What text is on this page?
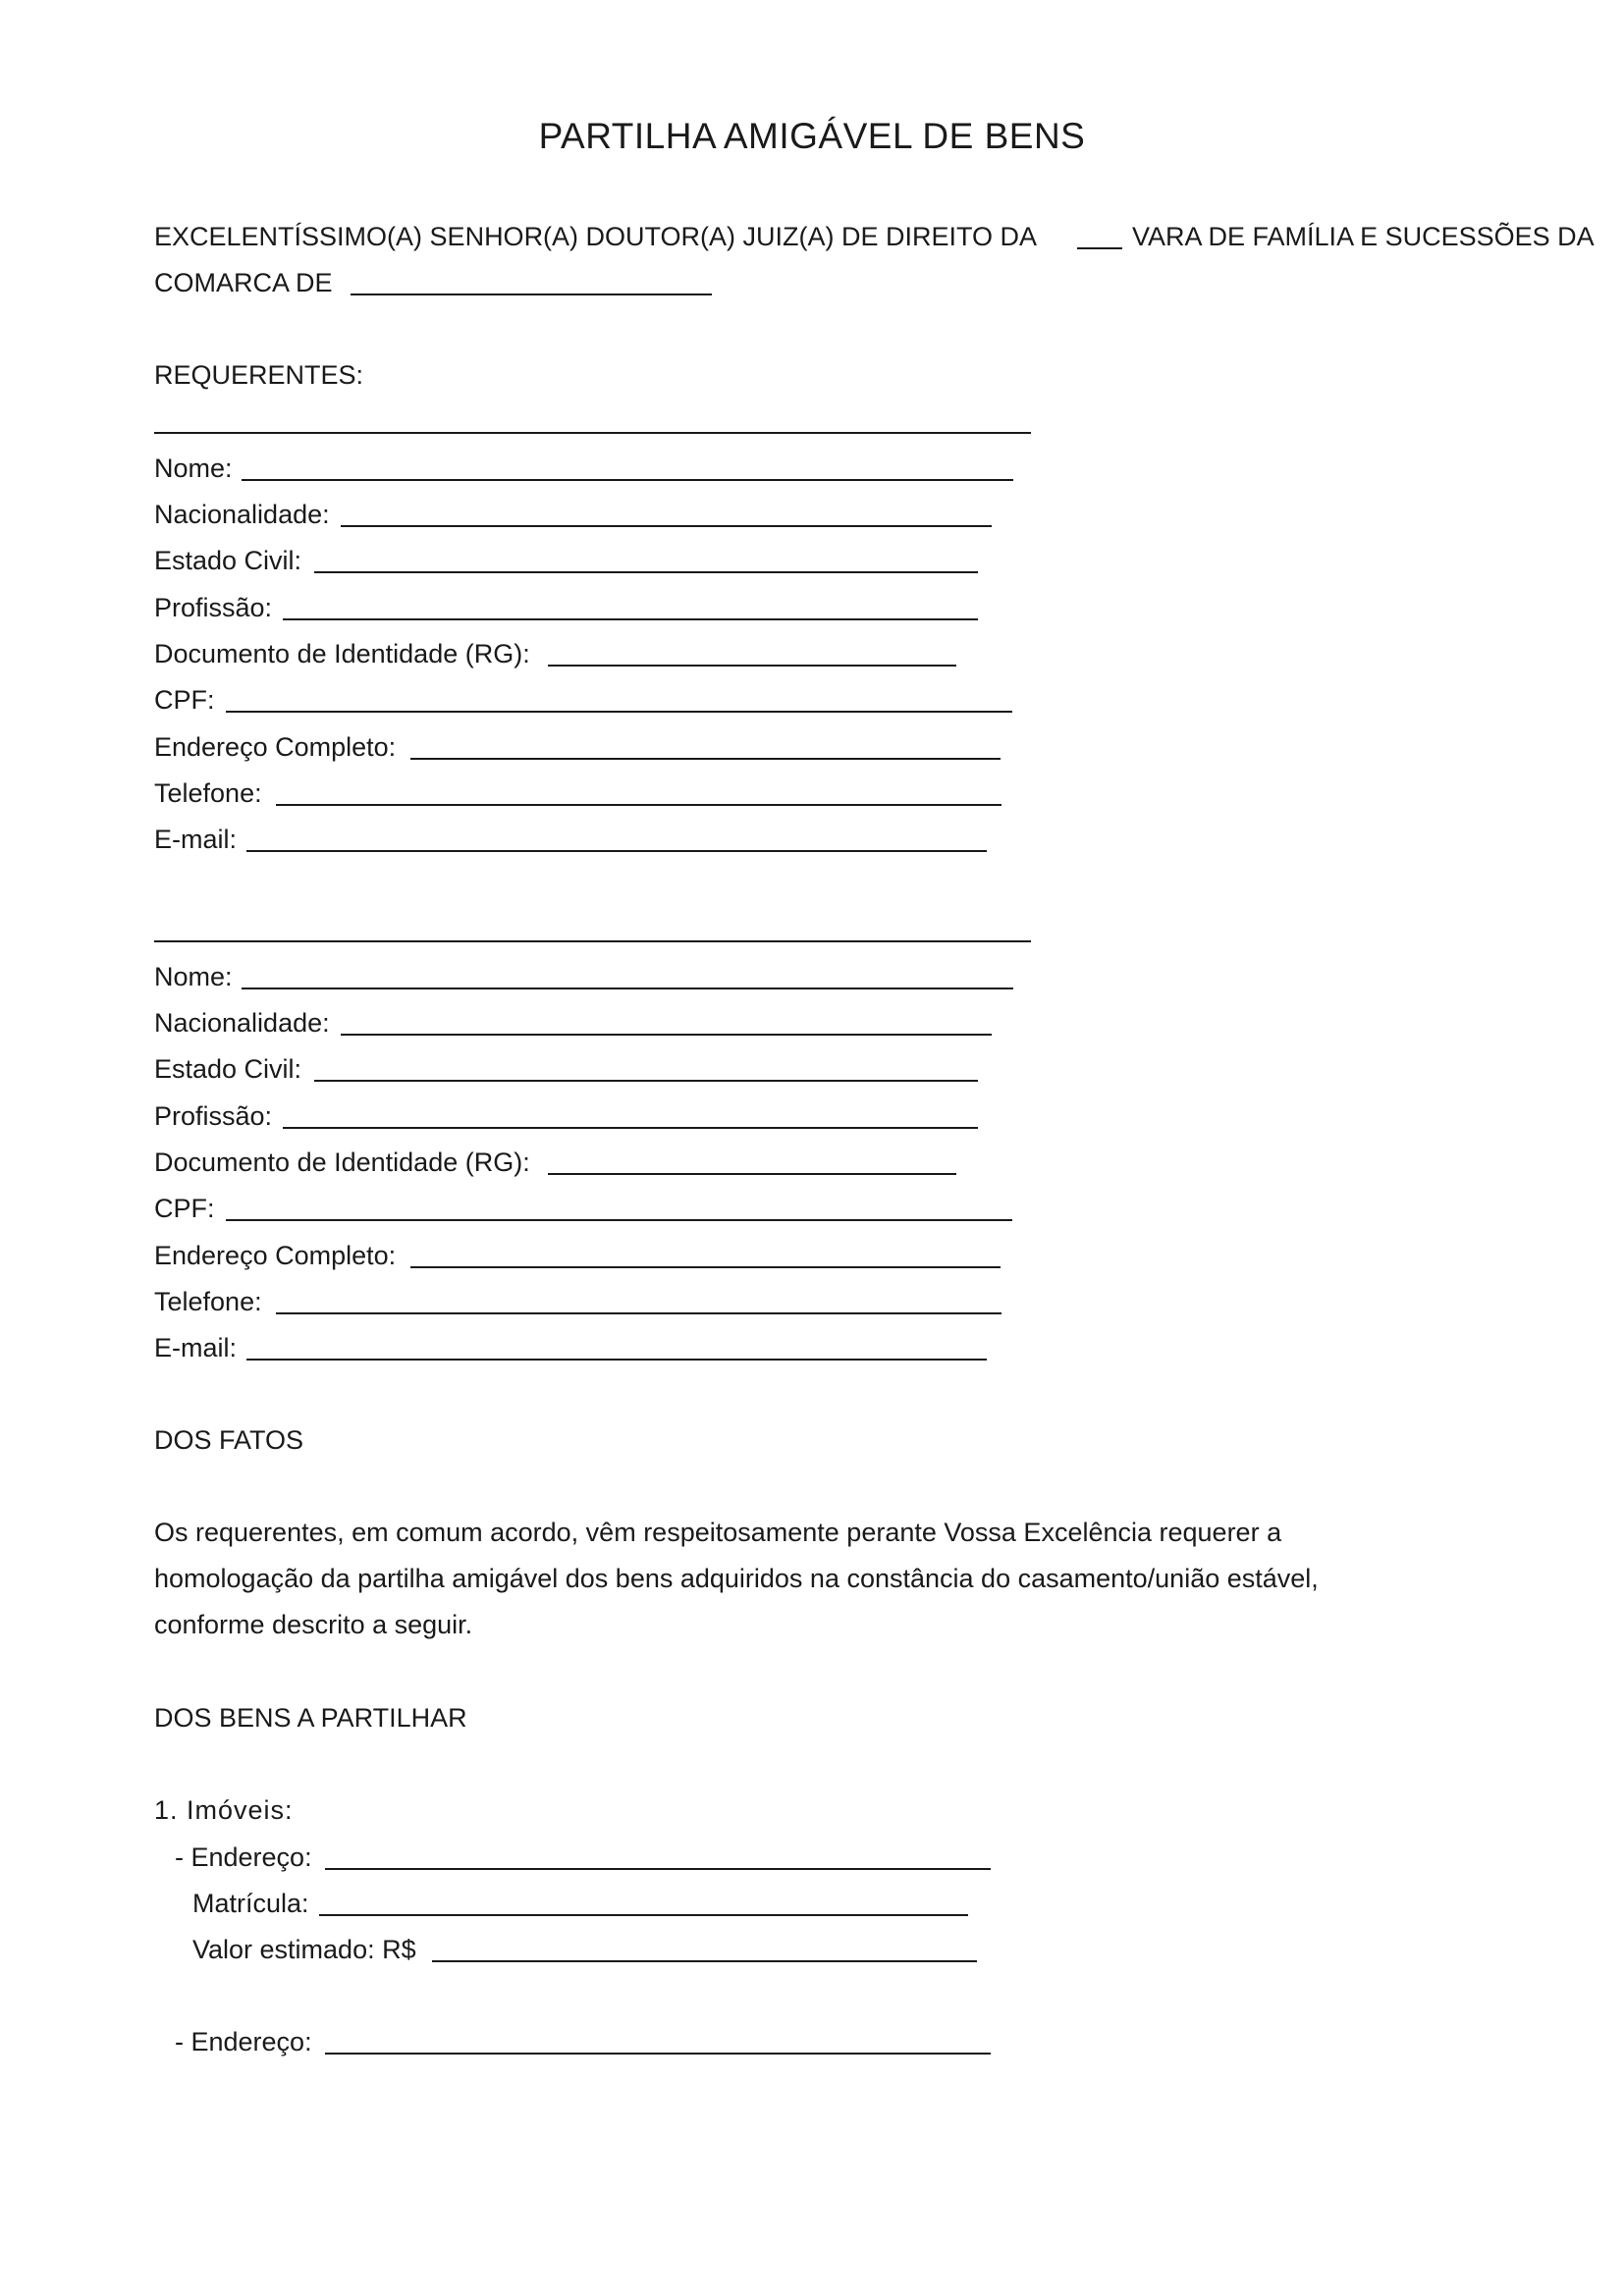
PARTILHA AMIGÁVEL DE BENS
EXCELENTÍSSIMO(A) SENHOR(A) DOUTOR(A) JUIZ(A) DE DIREITO DA	VARA DE FAMÍLIA E SUCESSÕES DA
COMARCA DE
REQUERENTES:
Nome:
Nacionalidade:
Estado Civil:
Profissão:
Documento de Identidade (RG):
CPF:
Endereço Completo:
Telefone:
E-mail:
Nome:
Nacionalidade:
Estado Civil:
Profissão:
Documento de Identidade (RG):
CPF:
Endereço Completo:
Telefone:
E-mail:
DOS FATOS
Os requerentes, em comum acordo, vêm respeitosamente perante Vossa Excelência requerer a
homologação da partilha amigável dos bens adquiridos na constância do casamento/união estável,
conforme descrito a seguir.
DOS BENS A PARTILHAR
1. Imóveis:
- Endereço:
Matrícula:
Valor estimado: R$
- Endereço:
